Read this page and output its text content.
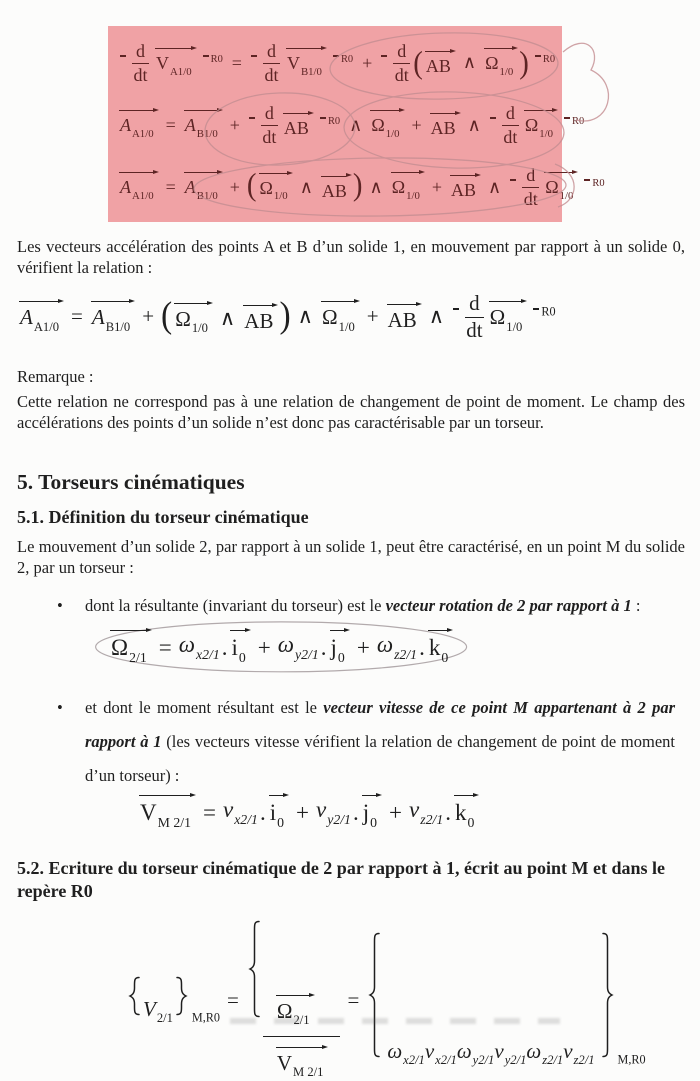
d
dt
VA1/0
R0 =
d
dt
VB1/0
R0 +
d
dt ( AB ∧ Ω1/0 ) R0
AA1/0 = AB1/0 +
d
dt AB	R0 ∧ Ω1/0 + AB ∧
d
dt
Ω1/0
R0
AA1/0 = AB1/0 + ( Ω1/0 ∧ AB ) ∧ Ω1/0 + AB ∧
d
dt
Ω1/0
R0

Les vecteurs accélération des points A et B d’un solide 1, en mouvement par rapport à un solide 0, vérifient la relation :

AA1/0 = AB1/0 + ( Ω1/0 ∧ AB ) ∧ Ω1/0 + AB ∧
d
dt
Ω1/0
R0

Remarque :

Cette relation ne correspond pas à une relation de changement de point de moment. Le champ des accélérations des points d’un solide n’est donc pas caractérisable par un torseur.

5. Torseurs cinématiques
5.1. Définition du torseur cinématique

Le mouvement d’un solide 2, par rapport à un solide 1, peut être caractérisé, en un point M du solide 2, par un torseur :

•	dont la résultante (invariant du torseur) est le vecteur rotation de 2 par rapport à 1 :
Ω2/1 = ωx2/1 . i0 + ωy2/1 . j0 + ωz2/1 . k0
•	et dont le moment résultant est le vecteur vitesse de ce point M appartenant à 2 par rapport à 1 (les vecteurs vitesse vérifient la relation de changement de point de moment d’un torseur) :
VM 2/1 = vx2/1 . i0 + vy2/1 . j0 + vz2/1 . k0
5.2. Ecriture du torseur cinématique de 2 par rapport à 1, écrit au point M et dans le repère R0
V2/1 M,R0
=	Ω2/1
VM 2/1
=
ωx2/1vx2/1ωy2/1vy2/1ωz2/1vz2/1	M,R0
